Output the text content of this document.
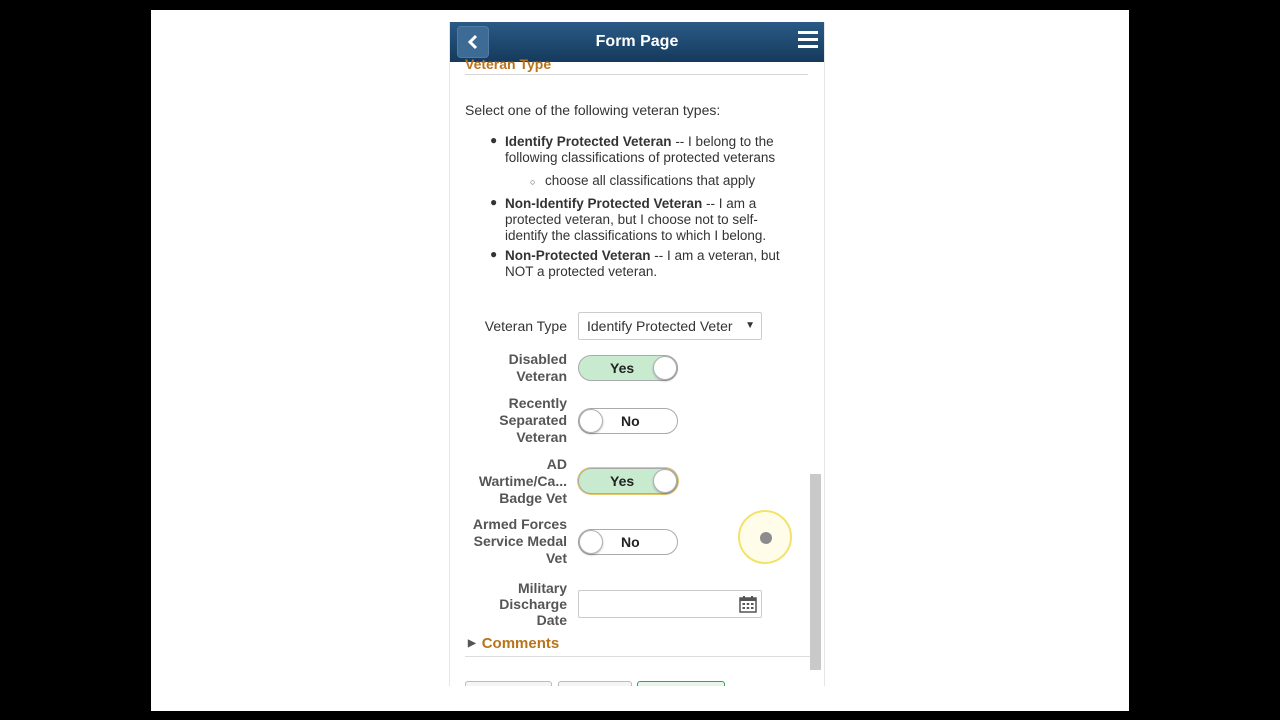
Form Page
Veteran Type
Select one of the following veteran types:
● Identify Protected Veteran -- I belong to the
following classifications of protected veterans
○ choose all classifications that apply
● Non-Identify Protected Veteran -- I am a
protected veteran, but I choose not to self-
identify the classifications to which I belong.
● Non-Protected Veteran -- I am a veteran, but
NOT a protected veteran.
Veteran Type	Identify Protected Veter ▼
Disabled
Veteran	Yes
Recently
Separated
Veteran
No
AD
Wartime/Ca...
Badge Vet
Yes
Armed Forces
Service Medal
Vet
No
Military
Discharge
Date
▶ Comments
